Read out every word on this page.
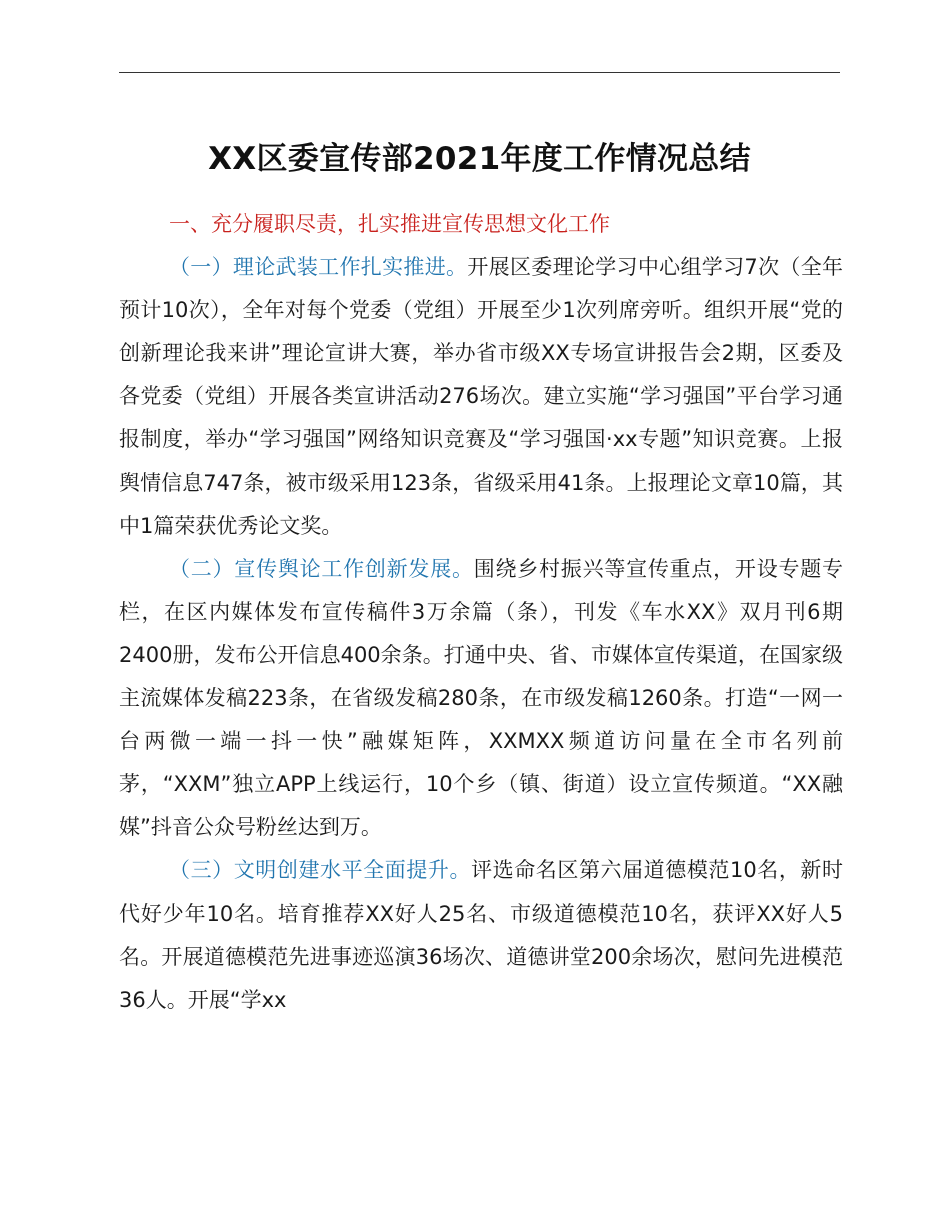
XX区委宣传部2021年度工作情况总结

一、充分履职尽责，扎实推进宣传思想文化工作

（一）理论武装工作扎实推进。开展区委理论学习中心组学习7次（全年预计10次），全年对每个党委（党组）开展至少1次列席旁听。组织开展“党的创新理论我来讲”理论宣讲大赛，举办省市级XX专场宣讲报告会2期，区委及各党委（党组）开展各类宣讲活动276场次。建立实施“学习强国”平台学习通报制度，举办“学习强国”网络知识竞赛及“学习强国·xx专题”知识竞赛。上报舆情信息747条，被市级采用123条，省级采用41条。上报理论文章10篇，其中1篇荣获优秀论文奖。

（二）宣传舆论工作创新发展。围绕乡村振兴等宣传重点，开设专题专栏，在区内媒体发布宣传稿件3万余篇（条），刊发《车水XX》双月刊6期2400册，发布公开信息400余条。打通中央、省、市媒体宣传渠道，在国家级主流媒体发稿223条，在省级发稿280条，在市级发稿1260条。打造“一网一台两微一端一抖一快”融媒矩阵，XXMXX频道访问量在全市名列前茅，“XXM”独立APP上线运行，10个乡（镇、街道）设立宣传频道。“XX融媒”抖音公众号粉丝达到万。

（三）文明创建水平全面提升。评选命名区第六届道德模范10名，新时代好少年10名。培育推荐XX好人25名、市级道德模范10名，获评XX好人5名。开展道德模范先进事迹巡演36场次、道德讲堂200余场次，慰问先进模范36人。开展“学xx
